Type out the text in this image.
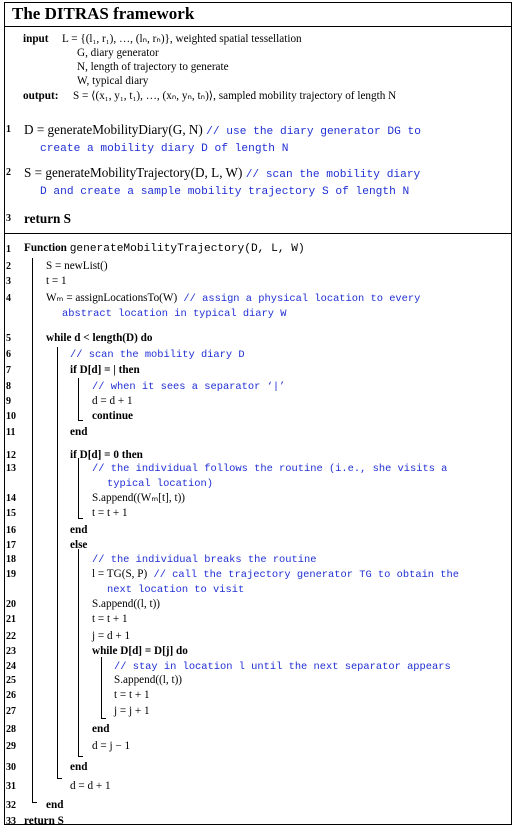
The DITRAS framework
input L = {(l₁, r₁), …, (lₙ, rₙ)}, weighted spatial tessellation
G, diary generator
N, length of trajectory to generate
W, typical diary
output: S = ⟨(x₁, y₁, t₁), …, (xₙ, yₙ, tₙ)⟩, sampled mobility trajectory of length N
1 D = generateMobilityDiary(G, N) // use the diary generator DG to
create a mobility diary D of length N
2 S = generateMobilityTrajectory(D, L, W) // scan the mobility diary
D and create a sample mobility trajectory S of length N
3 return S
1	Function generateMobilityTrajectory(D, L, W)
2	S = newList()
3	t = 1
4	Wₘ = assignLocationsTo(W) // assign a physical location to every
abstract location in typical diary W
5	while d < length(D) do
6	// scan the mobility diary D
7	if D[d] = | then
8	// when it sees a separator ‘|’
9	d = d + 1
10	continue
11	end
12	if D[d] = 0 then
13	// the individual follows the routine (i.e., she visits a
typical location)
14	S.append((Wₘ[t], t))
15	t = t + 1
16	end
17	else
18	// the individual breaks the routine
19	l = TG(S, P) // call the trajectory generator TG to obtain the
next location to visit
20	S.append((l, t))
21	t = t + 1
22	j = d + 1
23	while D[d] = D[j] do
24	// stay in location l until the next separator appears
25	S.append((l, t))
26	t = t + 1
27	j = j + 1
28	end
29	d = j − 1
30	end
31	d = d + 1
32	end
33 return S
